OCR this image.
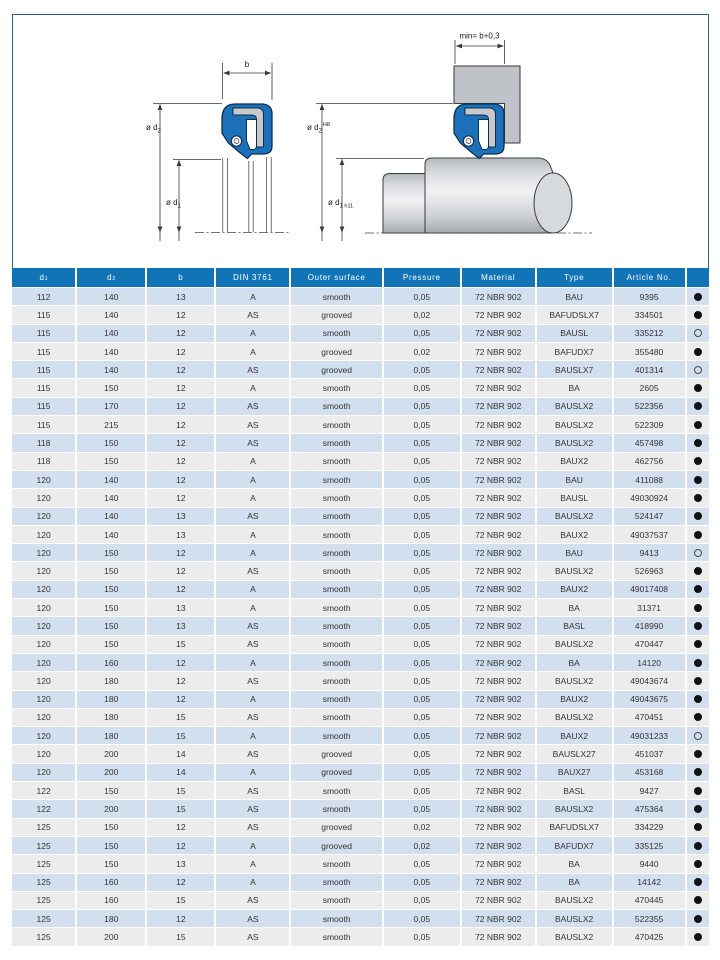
b
ø $d_2$
ø $d_1$
min= b+0,3
ø $d_2^{H8}$
ø $d_1$ h11
d 1	d 2	b	DIN 3761	Outer surface	Pressure	Material	Type	Article No.
112	140	13	A	smooth	0,05	72 NBR 902	BAU	9395
115	140	12	AS	grooved	0,02	72 NBR 902	BAFUDSLX7	334501
115	140	12	A	smooth	0,05	72 NBR 902	BAUSL	335212
115	140	12	A	grooved	0,02	72 NBR 902	BAFUDX7	355480
115	140	12	AS	grooved	0,05	72 NBR 902	BAUSLX7	401314
115	150	12	A	smooth	0,05	72 NBR 902	BA	2605
115	170	12	AS	smooth	0,05	72 NBR 902	BAUSLX2	522356
115	215	12	AS	smooth	0,05	72 NBR 902	BAUSLX2	522309
118	150	12	AS	smooth	0,05	72 NBR 902	BAUSLX2	457498
118	150	12	A	smooth	0,05	72 NBR 902	BAUX2	462756
120	140	12	A	smooth	0,05	72 NBR 902	BAU	411088
120	140	12	A	smooth	0,05	72 NBR 902	BAUSL	49030924
120	140	13	AS	smooth	0,05	72 NBR 902	BAUSLX2	524147
120	140	13	A	smooth	0,05	72 NBR 902	BAUX2	49037537
120	150	12	A	smooth	0,05	72 NBR 902	BAU	9413
120	150	12	AS	smooth	0,05	72 NBR 902	BAUSLX2	526963
120	150	12	A	smooth	0,05	72 NBR 902	BAUX2	49017408
120	150	13	A	smooth	0,05	72 NBR 902	BA	31371
120	150	13	AS	smooth	0,05	72 NBR 902	BASL	418990
120	150	15	AS	smooth	0,05	72 NBR 902	BAUSLX2	470447
120	160	12	A	smooth	0,05	72 NBR 902	BA	14120
120	180	12	AS	smooth	0,05	72 NBR 902	BAUSLX2	49043674
120	180	12	A	smooth	0,05	72 NBR 902	BAUX2	49043675
120	180	15	AS	smooth	0,05	72 NBR 902	BAUSLX2	470451
120	180	15	A	smooth	0,05	72 NBR 902	BAUX2	49031233
120	200	14	AS	grooved	0,05	72 NBR 902	BAUSLX27	451037
120	200	14	A	grooved	0,05	72 NBR 902	BAUX27	453168
122	150	15	AS	smooth	0,05	72 NBR 902	BASL	9427
122	200	15	AS	smooth	0,05	72 NBR 902	BAUSLX2	475364
125	150	12	AS	grooved	0,02	72 NBR 902	BAFUDSLX7	334229
125	150	12	A	grooved	0,02	72 NBR 902	BAFUDX7	335125
125	150	13	A	smooth	0,05	72 NBR 902	BA	9440
125	160	12	A	smooth	0,05	72 NBR 902	BA	14142
125	160	15	AS	smooth	0,05	72 NBR 902	BAUSLX2	470445
125	180	12	AS	smooth	0,05	72 NBR 902	BAUSLX2	522355
125	200	15	AS	smooth	0,05	72 NBR 902	BAUSLX2	470425
